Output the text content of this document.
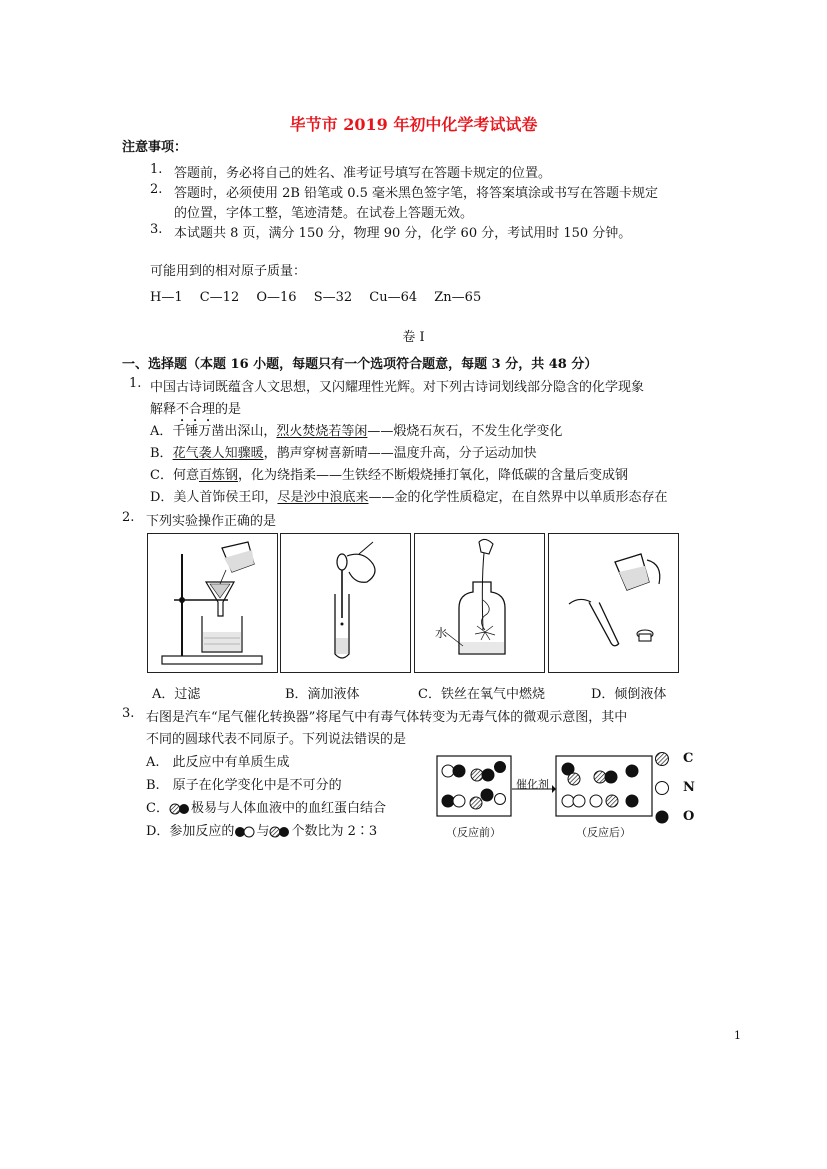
毕节市 2019 年初中化学考试试卷
注意事项：
1. 答题前，务必将自己的姓名、准考证号填写在答题卡规定的位置。
2. 答题时，必须使用 2B 铅笔或 0.5 毫米黑色签字笔，将答案填涂或书写在答题卡规定
的位置，字体工整，笔迹清楚。在试卷上答题无效。
3. 本试题共 8 页，满分 150 分，物理 90 分，化学 60 分，考试用时 150 分钟。
可能用到的相对原子质量：
H—1　 C—12　 O—16　 S—32　 Cu—64　 Zn—65
卷 I
一、选择题（本题 16 小题，每题只有一个选项符合题意，每题 3 分，共 48 分）
1. 中国古诗词既蕴含人文思想，又闪耀理性光辉。对下列古诗词划线部分隐含的化学现象
解释不合理的是
A．千锤万凿出深山，烈火焚烧若等闲——煅烧石灰石，不发生化学变化
B．花气袭人知骤暖，鹊声穿树喜新晴——温度升高，分子运动加快
C．何意百炼钢，化为绕指柔——生铁经不断煅烧捶打氧化，降低碳的含量后变成钢
D．美人首饰侯王印，尽是沙中浪底来——金的化学性质稳定，在自然界中以单质形态存在
2. 下列实验操作正确的是
水
A．过滤	B．滴加液体	C．铁丝在氧气中燃烧	D．倾倒液体
3. 右图是汽车“尾气催化转换器”将尾气中有毒气体转变为无毒气体的微观示意图，其中
不同的圆球代表不同原子。下列说法错误的是
A.　此反应中有单质生成
B.　原子在化学变化中是不可分的
C． 极易与人体血液中的血红蛋白结合
D．参加反应的 与 个数比为 2∶3
催化剂
（反应前）	（反应后）
C
N
O
1
